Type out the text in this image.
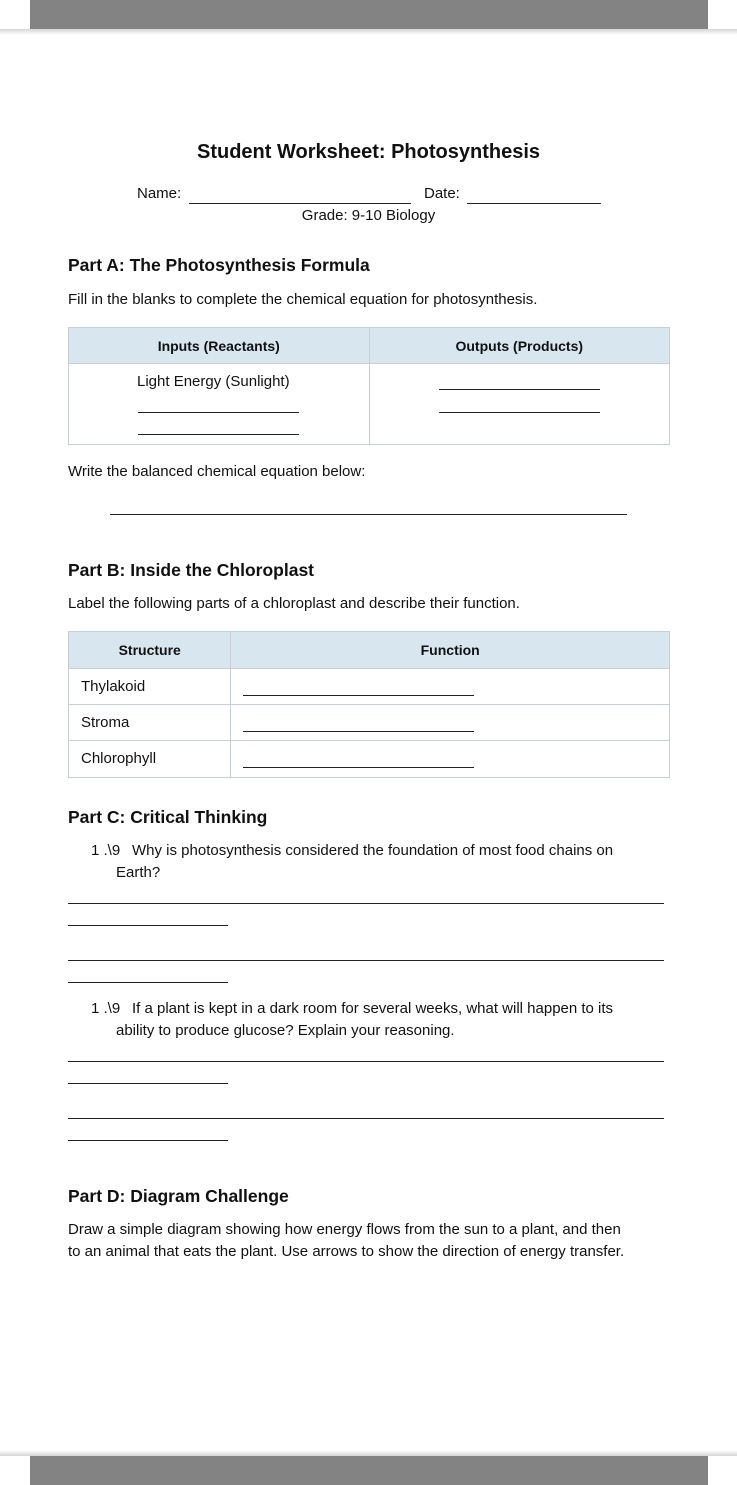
Student Worksheet: Photosynthesis
Name:	Date:
Grade: 9-10 Biology
Part A: The Photosynthesis Formula
Fill in the blanks to complete the chemical equation for photosynthesis.
Inputs (Reactants)	Outputs (Products)

Light Energy (Sunlight)	

Write the balanced chemical equation below:
Part B: Inside the Chloroplast
Label the following parts of a chloroplast and describe their function.
Structure	Function

Thylakoid	

Stroma	

Chlorophyll	

Part C: Critical Thinking
1 .\9 Why is photosynthesis considered the foundation of most food chains on
Earth?
1 .\9 If a plant is kept in a dark room for several weeks, what will happen to its
ability to produce glucose? Explain your reasoning.
Part D: Diagram Challenge
Draw a simple diagram showing how energy flows from the sun to a plant, and then
to an animal that eats the plant. Use arrows to show the direction of energy transfer.
